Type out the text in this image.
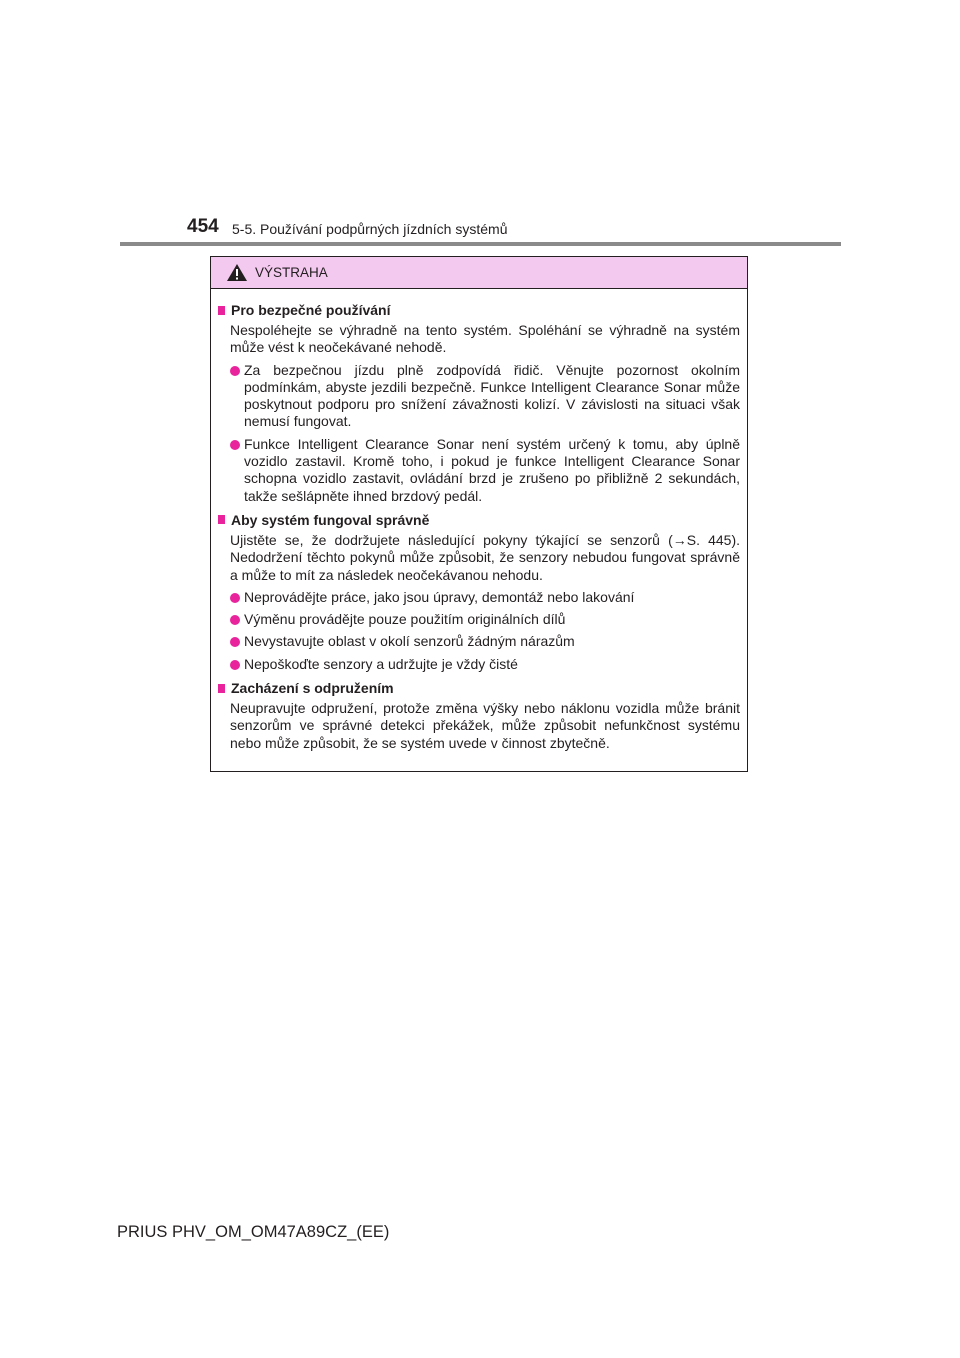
454 5-5. Používání podpůrných jízdních systémů
VÝSTRAHA
Pro bezpečné používání
Nespoléhejte se výhradně na tento systém. Spoléhání se výhradně na systém může vést k neočekávané nehodě.
Za bezpečnou jízdu plně zodpovídá řidič. Věnujte pozornost okolním podmínkám, abyste jezdili bezpečně. Funkce Intelligent Clearance Sonar může poskytnout podporu pro snížení závažnosti kolizí. V závislosti na situaci však nemusí fungovat.
Funkce Intelligent Clearance Sonar není systém určený k tomu, aby úplně vozidlo zastavil. Kromě toho, i pokud je funkce Intelligent Clearance Sonar schopna vozidlo zastavit, ovládání brzd je zrušeno po přibližně 2 sekundách, takže sešlápněte ihned brzdový pedál.
Aby systém fungoval správně
Ujistěte se, že dodržujete následující pokyny týkající se senzorů (→S. 445). Nedodržení těchto pokynů může způsobit, že senzory nebudou fungovat správně a může to mít za následek neočekávanou nehodu.
Neprovádějte práce, jako jsou úpravy, demontáž nebo lakování
Výměnu provádějte pouze použitím originálních dílů
Nevystavujte oblast v okolí senzorů žádným nárazům
Nepoškoďte senzory a udržujte je vždy čisté
Zacházení s odpružením
Neupravujte odpružení, protože změna výšky nebo náklonu vozidla může bránit senzorům ve správné detekci překážek, může způsobit nefunkčnost systému nebo může způsobit, že se systém uvede v činnost zbytečně.
PRIUS PHV_OM_OM47A89CZ_(EE)
